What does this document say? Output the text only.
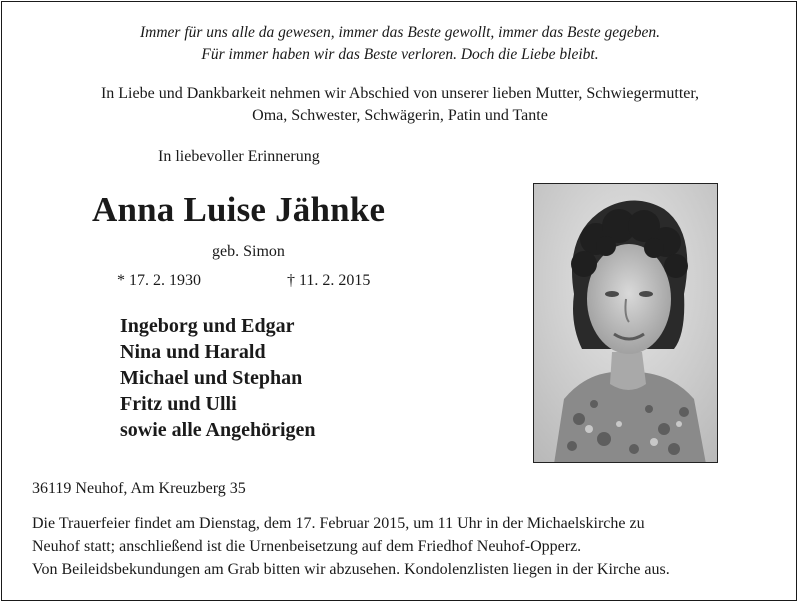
Immer für uns alle da gewesen, immer das Beste gewollt, immer das Beste gegeben.
Für immer haben wir das Beste verloren. Doch die Liebe bleibt.
In Liebe und Dankbarkeit nehmen wir Abschied von unserer lieben Mutter, Schwiegermutter,
Oma, Schwester, Schwägerin, Patin und Tante
In liebevoller Erinnerung
Anna Luise Jähnke
geb. Simon
* 17. 2. 1930	† 11. 2. 2015
Ingeborg und Edgar
Nina und Harald
Michael und Stephan
Fritz und Ulli
sowie alle Angehörigen
36119 Neuhof, Am Kreuzberg 35
Die Trauerfeier findet am Dienstag, dem 17. Februar 2015, um 11 Uhr in der Michaelskirche zu
Neuhof statt; anschließend ist die Urnenbeisetzung auf dem Friedhof Neuhof-Opperz.
Von Beileidsbekundungen am Grab bitten wir abzusehen. Kondolenzlisten liegen in der Kirche aus.
